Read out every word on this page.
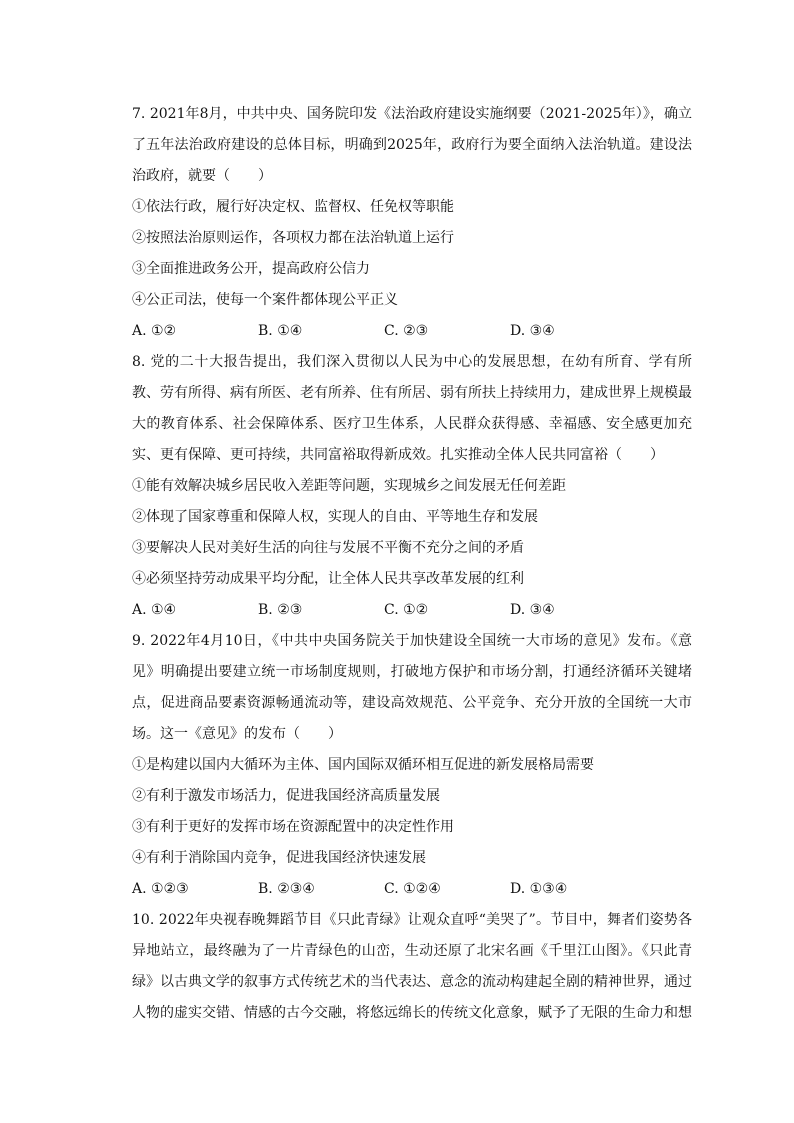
7. 2021年8月，中共中央、国务院印发《法治政府建设实施纲要（2021-2025年）》，确立了五年法治政府建设的总体目标，明确到2025年，政府行为要全面纳入法治轨道。建设法治政府，就要（　　）

①依法行政，履行好决定权、监督权、任免权等职能

②按照法治原则运作，各项权力都在法治轨道上运行

③全面推进政务公开，提高政府公信力

④公正司法，使每一个案件都体现公平正义

A. ①②	B. ①④	C. ②③	D. ③④

8. 党的二十大报告提出，我们深入贯彻以人民为中心的发展思想，在幼有所育、学有所教、劳有所得、病有所医、老有所养、住有所居、弱有所扶上持续用力，建成世界上规模最大的教育体系、社会保障体系、医疗卫生体系，人民群众获得感、幸福感、安全感更加充实、更有保障、更可持续，共同富裕取得新成效。扎实推动全体人民共同富裕（　　）

①能有效解决城乡居民收入差距等问题，实现城乡之间发展无任何差距

②体现了国家尊重和保障人权，实现人的自由、平等地生存和发展

③要解决人民对美好生活的向往与发展不平衡不充分之间的矛盾

④必须坚持劳动成果平均分配，让全体人民共享改革发展的红利

A. ①④	B. ②③	C. ①②	D. ③④

9. 2022年4月10日，《中共中央国务院关于加快建设全国统一大市场的意见》发布。《意见》明确提出要建立统一市场制度规则，打破地方保护和市场分割，打通经济循环关键堵点，促进商品要素资源畅通流动等，建设高效规范、公平竞争、充分开放的全国统一大市场。这一《意见》的发布（　　）

①是构建以国内大循环为主体、国内国际双循环相互促进的新发展格局需要

②有利于激发市场活力，促进我国经济高质量发展

③有利于更好的发挥市场在资源配置中的决定性作用

④有利于消除国内竞争，促进我国经济快速发展

A. ①②③	B. ②③④	C. ①②④	D. ①③④

10. 2022年央视春晚舞蹈节目《只此青绿》让观众直呼“美哭了”。节目中，舞者们姿势各异地站立，最终融为了一片青绿色的山峦，生动还原了北宋名画《千里江山图》。《只此青绿》以古典文学的叙事方式传统艺术的当代表达、意念的流动构建起全剧的精神世界，通过人物的虚实交错、情感的古今交融，将悠远绵长的传统文化意象，赋予了无限的生命力和想
